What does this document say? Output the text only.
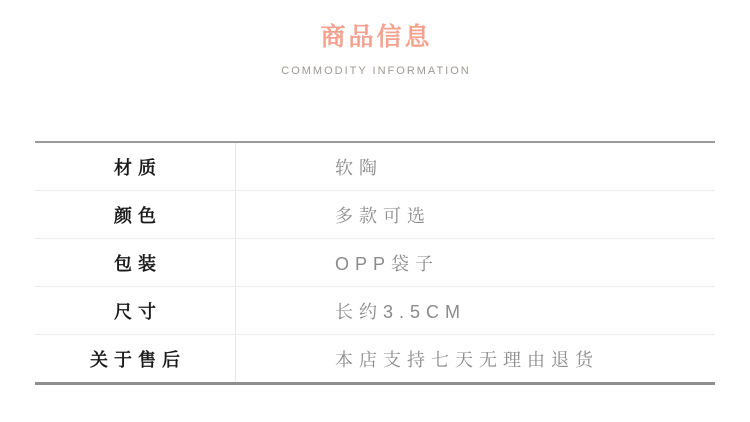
商品信息
COMMODITY INFORMATION
材质	软陶
颜色	多款可选
包装	OPP袋子
尺寸	长约3.5CM
关于售后	本店支持七天无理由退货
